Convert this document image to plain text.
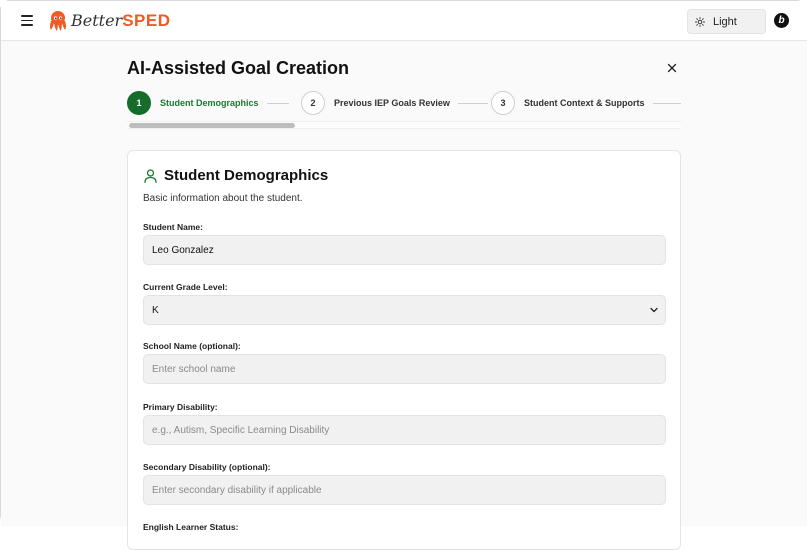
BetterSPED	Light	b
AI-Assisted Goal Creation
1	Student Demographics	2	Previous IEP Goals Review	3	Student Context & Supports
Student Demographics
Basic information about the student.
Student Name:
Leo Gonzalez
Current Grade Level:
K
School Name (optional):
Enter school name
Primary Disability:
e.g., Autism, Specific Learning Disability
Secondary Disability (optional):
Enter secondary disability if applicable
English Learner Status:
